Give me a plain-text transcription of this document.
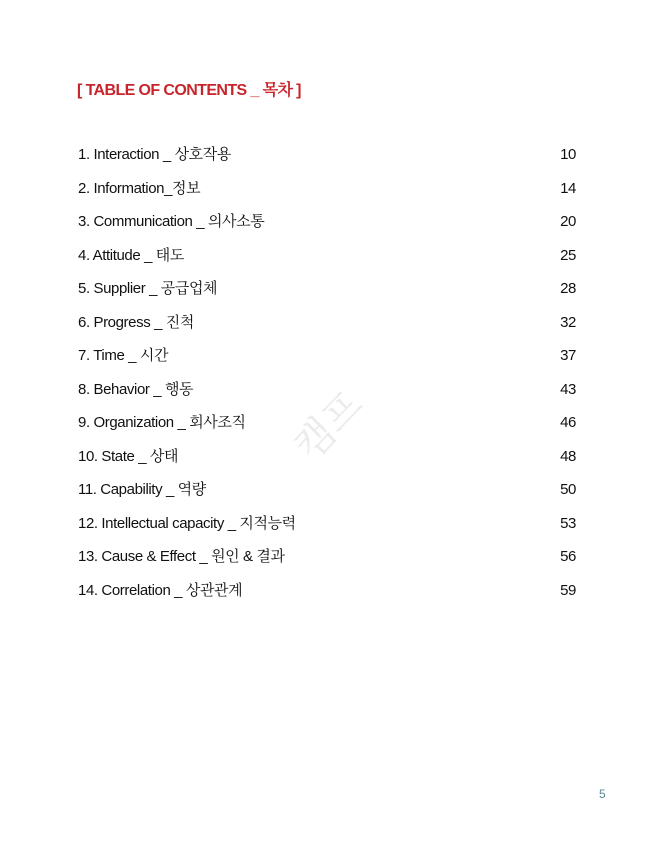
[ TABLE OF CONTENTS _ 목차 ]
캠프
1. Interaction _ 상호작용	10
2. Information_정보	14
3. Communication _ 의사소통	20
4. Attitude _ 태도	25
5. Supplier _ 공급업체	28
6. Progress _ 진척	32
7. Time _ 시간	37
8. Behavior _ 행동	43
9. Organization _ 회사조직	46
10. State _ 상태	48
11. Capability _ 역량	50
12. Intellectual capacity _ 지적능력	53
13. Cause & Effect _ 원인 & 결과	56
14. Correlation _ 상관관계	59
5
